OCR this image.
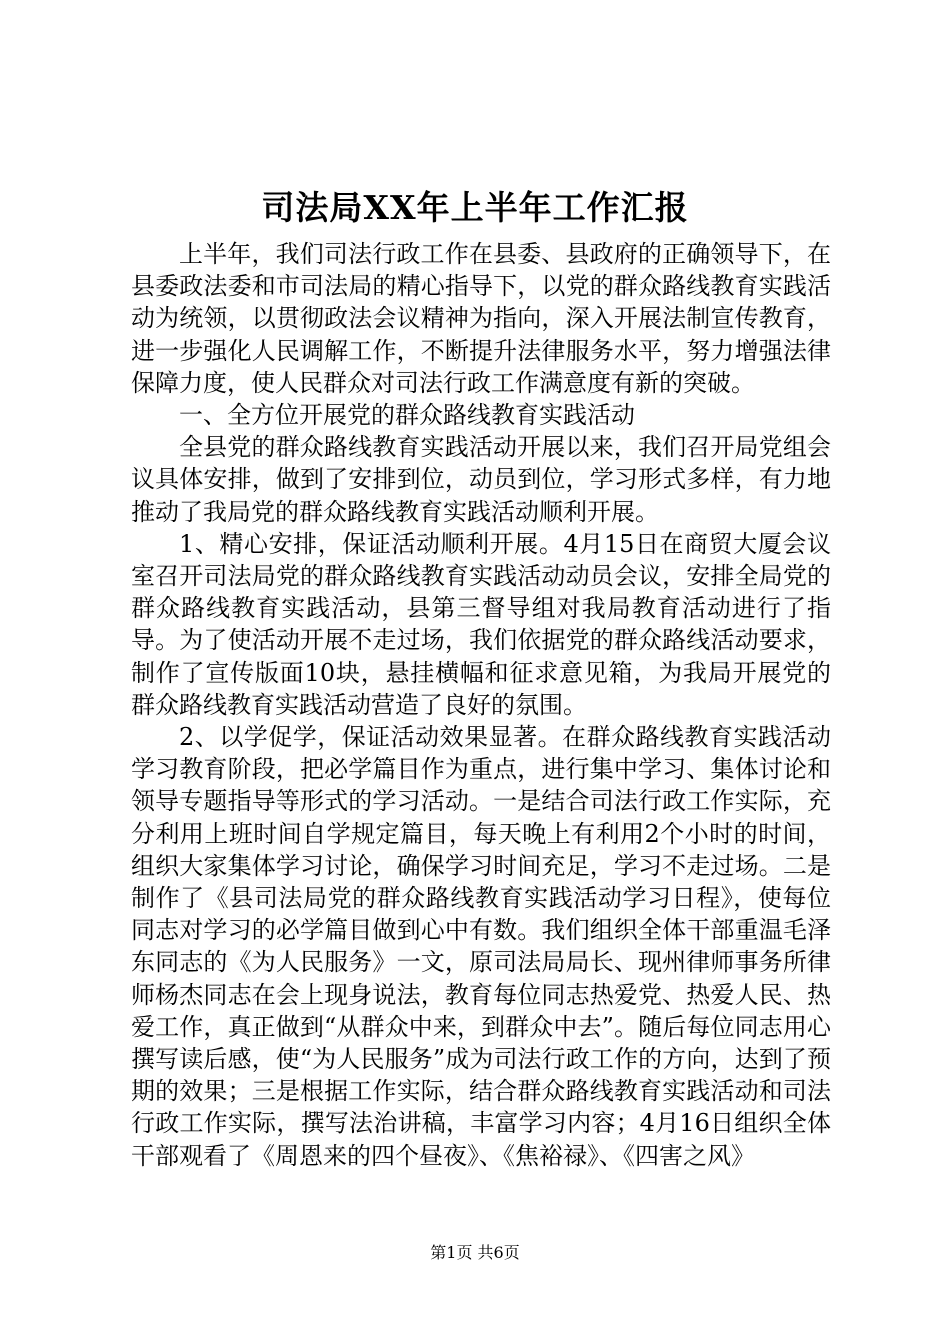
司法局XX年上半年工作汇报

上半年，我们司法行政工作在县委、县政府的正确领导下，在县委政法委和市司法局的精心指导下，以党的群众路线教育实践活动为统领，以贯彻政法会议精神为指向，深入开展法制宣传教育，进一步强化人民调解工作，不断提升法律服务水平，努力增强法律保障力度，使人民群众对司法行政工作满意度有新的突破。

一、全方位开展党的群众路线教育实践活动

全县党的群众路线教育实践活动开展以来，我们召开局党组会议具体安排，做到了安排到位，动员到位，学习形式多样，有力地推动了我局党的群众路线教育实践活动顺利开展。

1、精心安排，保证活动顺利开展。4月15日在商贸大厦会议室召开司法局党的群众路线教育实践活动动员会议，安排全局党的群众路线教育实践活动，县第三督导组对我局教育活动进行了指导。为了使活动开展不走过场，我们依据党的群众路线活动要求，制作了宣传版面10块，悬挂横幅和征求意见箱，为我局开展党的群众路线教育实践活动营造了良好的氛围。

2、以学促学，保证活动效果显著。在群众路线教育实践活动学习教育阶段，把必学篇目作为重点，进行集中学习、集体讨论和领导专题指导等形式的学习活动。一是结合司法行政工作实际，充分利用上班时间自学规定篇目，每天晚上有利用2个小时的时间，组织大家集体学习讨论，确保学习时间充足，学习不走过场。二是制作了《县司法局党的群众路线教育实践活动学习日程》，使每位同志对学习的必学篇目做到心中有数。我们组织全体干部重温毛泽东同志的《为人民服务》一文，原司法局局长、现州律师事务所律师杨杰同志在会上现身说法，教育每位同志热爱党、热爱人民、热爱工作，真正做到“从群众中来，到群众中去”。随后每位同志用心撰写读后感，使“为人民服务”成为司法行政工作的方向，达到了预期的效果；三是根据工作实际，结合群众路线教育实践活动和司法行政工作实际，撰写法治讲稿，丰富学习内容；4月16日组织全体干部观看了《周恩来的四个昼夜》、《焦裕禄》、《四害之风》

第1页 共6页
